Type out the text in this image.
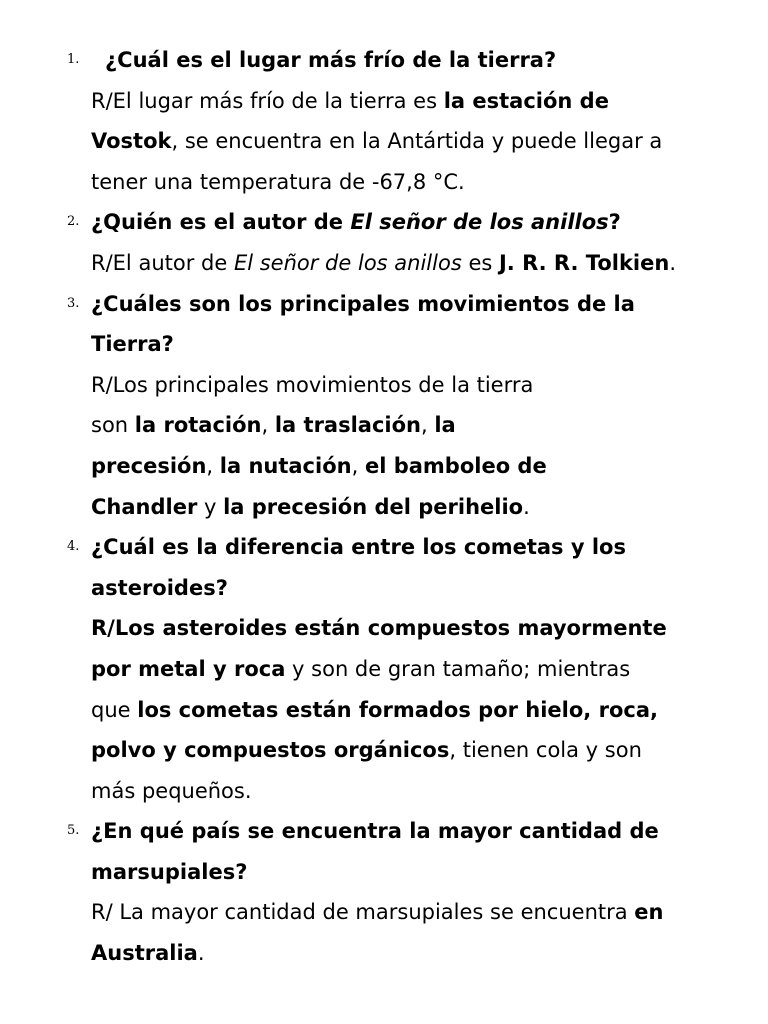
1.	¿Cuál es el lugar más frío de la tierra?
R/El lugar más frío de la tierra es la estación de
Vostok, se encuentra en la Antártida y puede llegar a
tener una temperatura de -67,8 °C.
2. ¿Quién es el autor de El señor de los anillos?
R/El autor de El señor de los anillos es J. R. R. Tolkien.
3. ¿Cuáles son los principales movimientos de la
Tierra?
R/Los principales movimientos de la tierra
son la rotación, la traslación, la
precesión, la nutación, el bamboleo de
Chandler y la precesión del perihelio.
4. ¿Cuál es la diferencia entre los cometas y los
asteroides?
R/Los asteroides están compuestos mayormente
por metal y roca y son de gran tamaño; mientras
que los cometas están formados por hielo, roca,
polvo y compuestos orgánicos, tienen cola y son
más pequeños.
5. ¿En qué país se encuentra la mayor cantidad de
marsupiales?
R/ La mayor cantidad de marsupiales se encuentra en
Australia.
